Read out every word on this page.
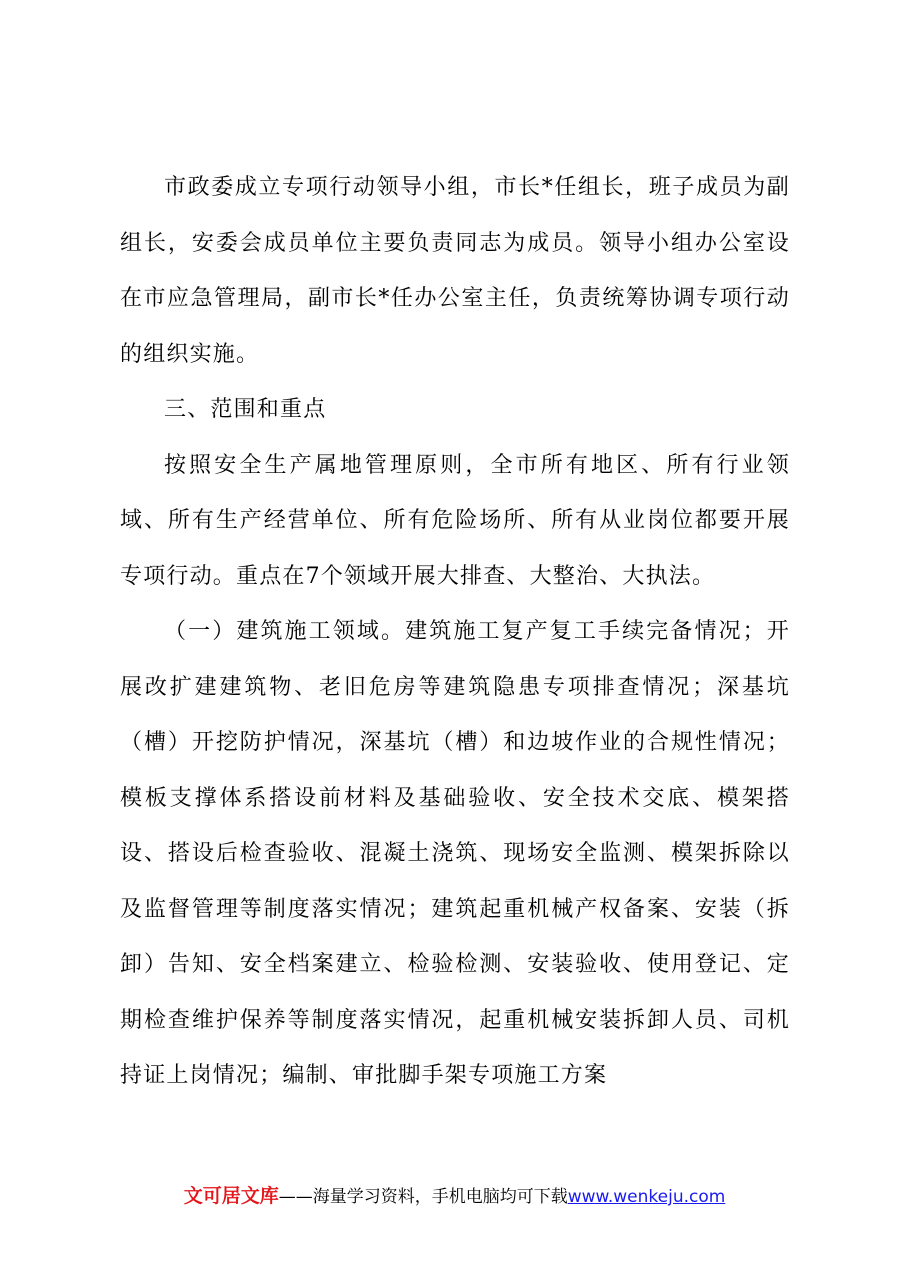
市政委成立专项行动领导小组，市长*任组长，班子成员为副组长，安委会成员单位主要负责同志为成员。领导小组办公室设在市应急管理局，副市长*任办公室主任，负责统筹协调专项行动的组织实施。

三、范围和重点

按照安全生产属地管理原则，全市所有地区、所有行业领域、所有生产经营单位、所有危险场所、所有从业岗位都要开展专项行动。重点在7个领域开展大排查、大整治、大执法。

（一）建筑施工领域。建筑施工复产复工手续完备情况；开展改扩建建筑物、老旧危房等建筑隐患专项排查情况；深基坑（槽）开挖防护情况，深基坑（槽）和边坡作业的合规性情况；模板支撑体系搭设前材料及基础验收、安全技术交底、模架搭设、搭设后检查验收、混凝土浇筑、现场安全监测、模架拆除以及监督管理等制度落实情况；建筑起重机械产权备案、安装（拆卸）告知、安全档案建立、检验检测、安装验收、使用登记、定期检查维护保养等制度落实情况，起重机械安装拆卸人员、司机持证上岗情况；编制、审批脚手架专项施工方案

文可居文库——海量学习资料，手机电脑均可下载www.wenkeju.com
